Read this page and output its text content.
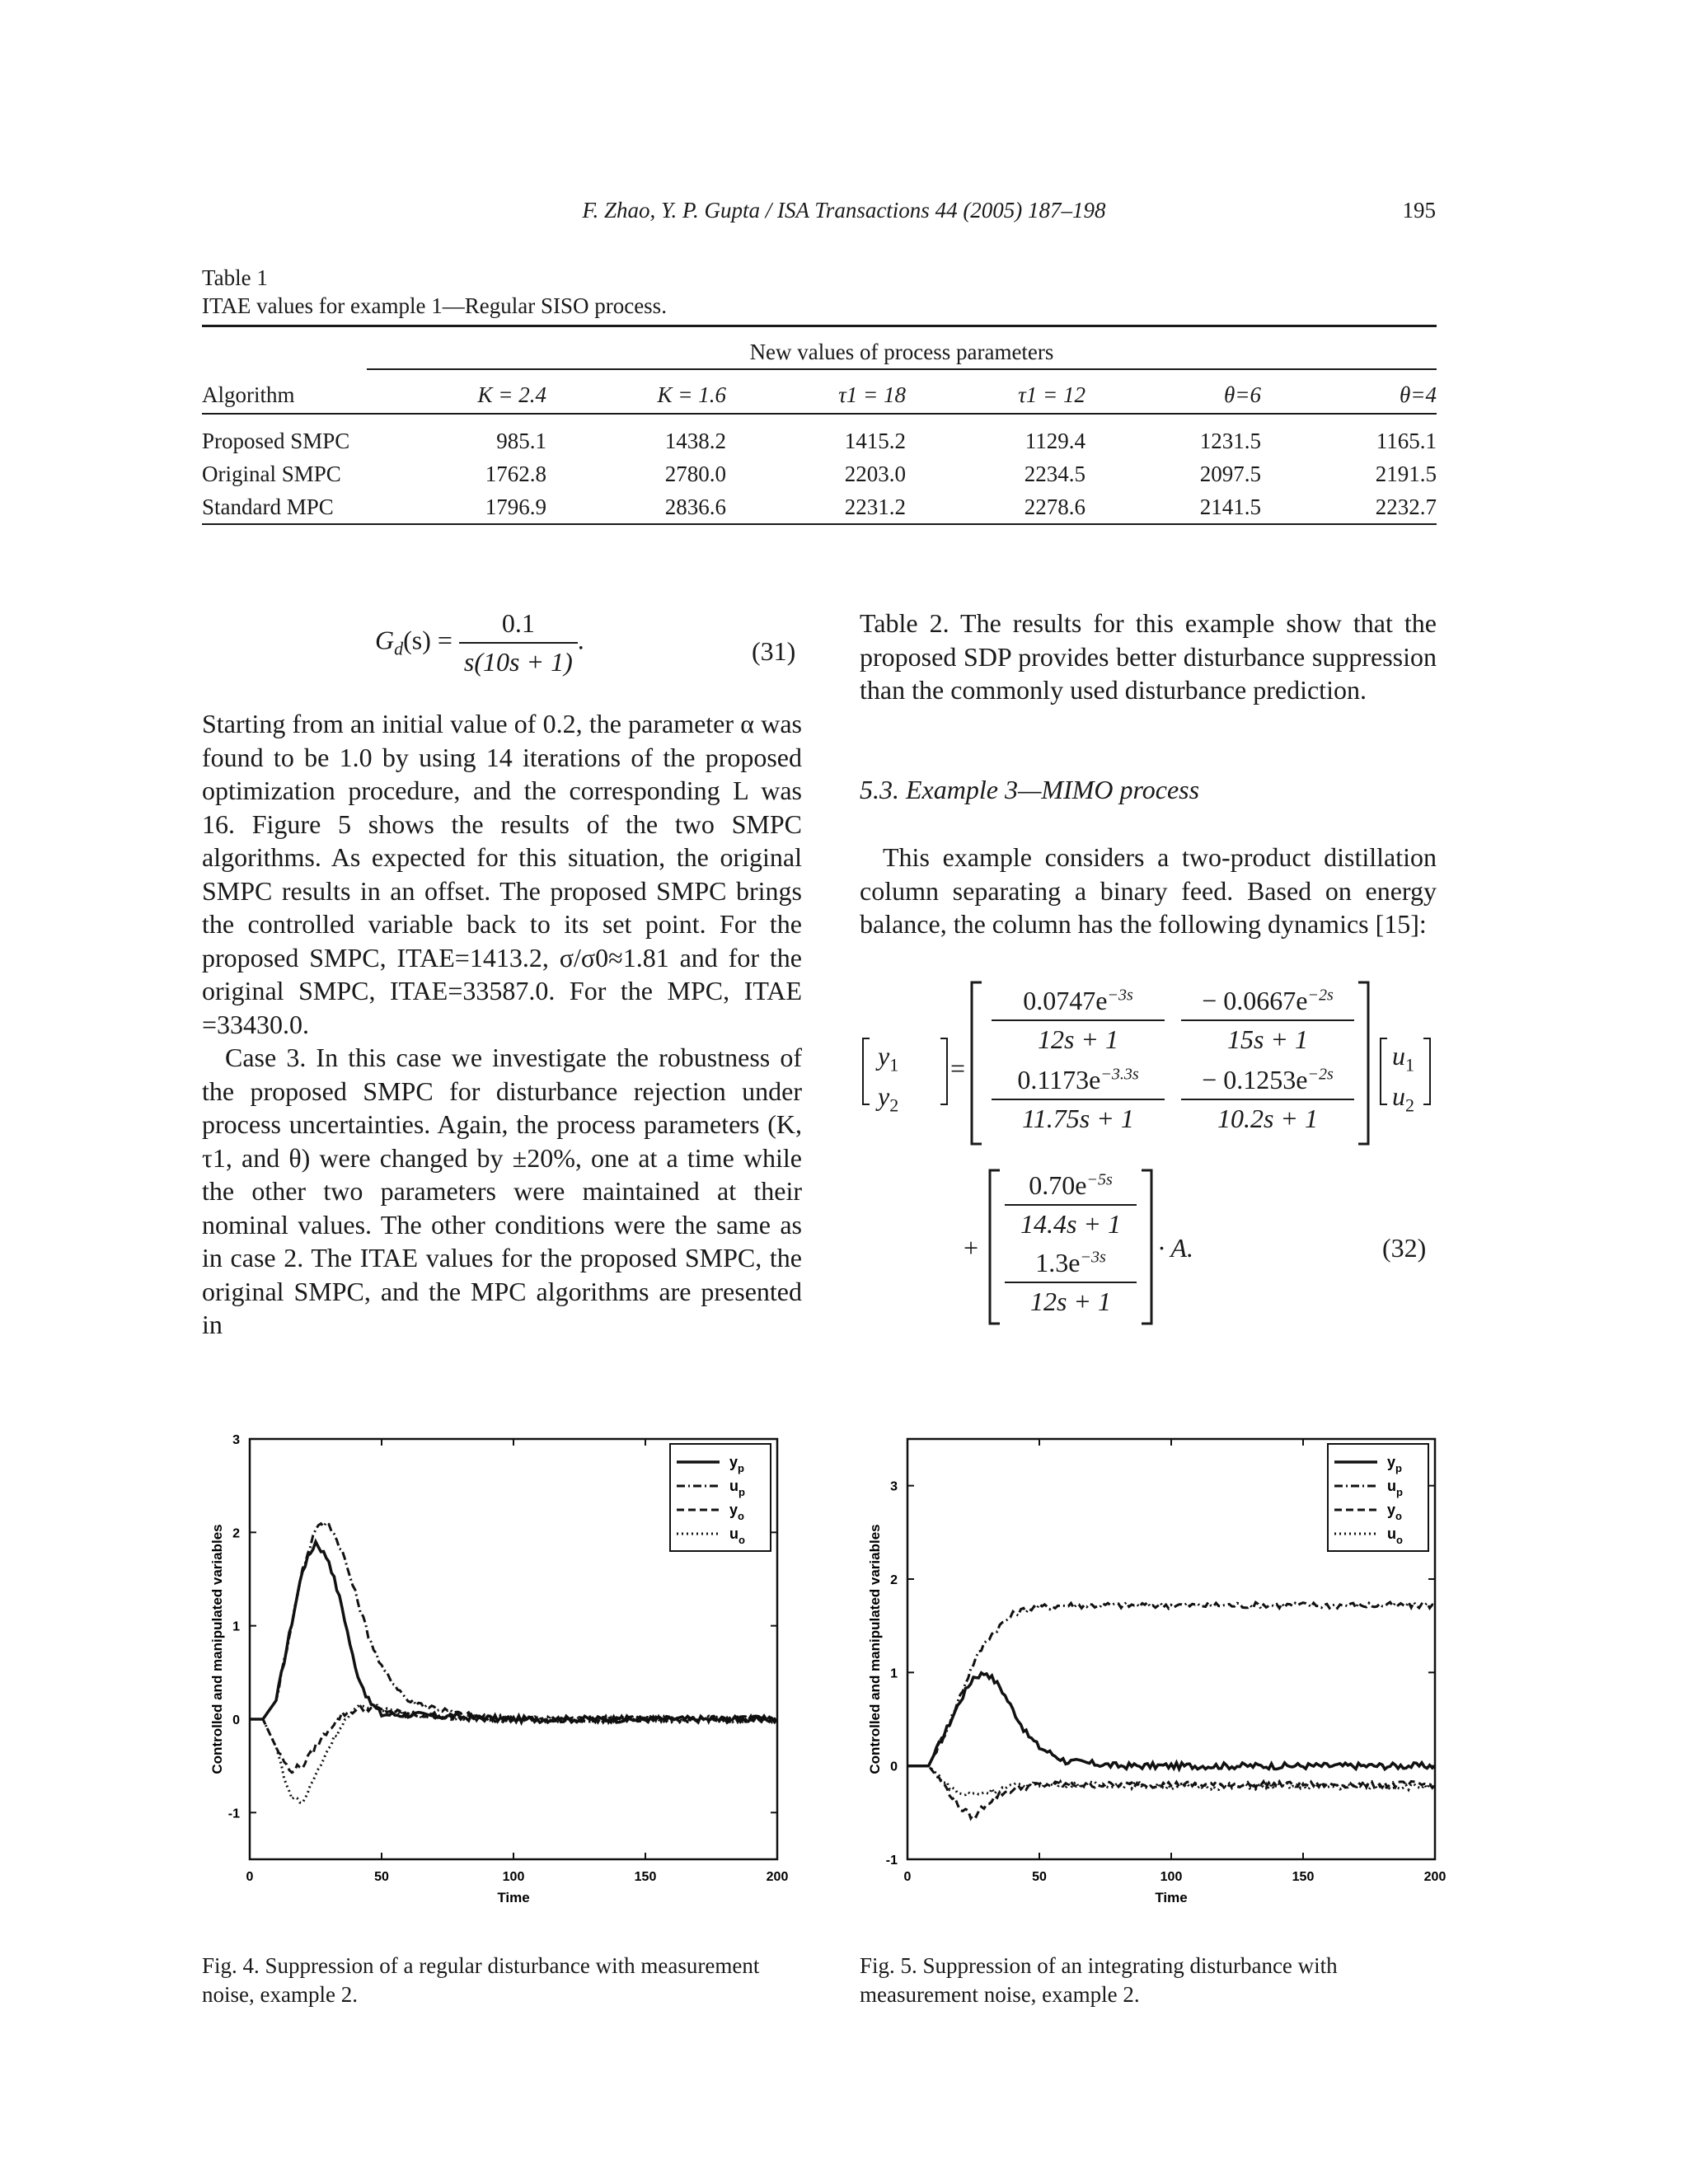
F. Zhao, Y. P. Gupta / ISA Transactions 44 (2005) 187–198	195
Table 1
ITAE values for example 1—Regular SISO process.
	New values of process parameters					

Algorithm	K = 2.4	K = 1.6	τ1 = 18	τ1 = 12	θ=6	θ=4
Proposed SMPC	985.1	1438.2	1415.2	1129.4	1231.5	1165.1
Original SMPC	1762.8	2780.0	2203.0	2234.5	2097.5	2191.5
Standard MPC	1796.9	2836.6	2231.2	2278.6	2141.5	2232.7
$G_d(s) = \frac{0.1}{s(10s + 1)}$ .	(31)

Starting from an initial value of 0.2, the parameter α was found to be 1.0 by using 14 iterations of the proposed optimization procedure, and the corresponding L was 16. Figure 5 shows the results of the two SMPC algorithms. As expected for this situation, the original SMPC results in an offset. The proposed SMPC brings the controlled variable back to its set point. For the proposed SMPC, ITAE=1413.2, σ/σ0≈1.81 and for the original SMPC, ITAE=33587.0. For the MPC, ITAE =33430.0.

Case 3. In this case we investigate the robustness of the proposed SMPC for disturbance rejection under process uncertainties. Again, the process parameters (K, τ1, and θ) were changed by ±20%, one at a time while the other two parameters were maintained at their nominal values. The other conditions were the same as in case 2. The ITAE values for the proposed SMPC, the original SMPC, and the MPC algorithms are presented in

Table 2. The results for this example show that the proposed SDP provides better disturbance suppression than the commonly used disturbance prediction.

5.3. Example 3—MIMO process

This example considers a two-product distillation column separating a binary feed. Based on energy balance, the column has the following dynamics [15]:

$y_1$
$y_2$
=
$\frac{0.0747e^{-3s}}{12s + 1} \frac{- 0.0667e^{-2s}}{15s + 1}$
$\frac{0.1173e^{-3.3s}}{11.75s + 1} \frac{- 0.1253e^{-2s}}{10.2s + 1}$
$u_1$
$u_2$
+
$\frac{0.70e^{-5s}}{14.4s + 1}$
$\frac{1.3e^{-3s}}{12s + 1} \cdot A$.	(32)
0	50	100	150	200
-1
0
1
2
3
Time
Controlled and manipulated variables
$y_p$
$u_p$
$y_o$
$u_o$
0	50	100	150	200
-1
0
1
2
3
Time
Controlled and manipulated variables
$y_p$
$u_p$
$y_o$
$u_o$
Fig. 4. Suppression of a regular disturbance with measurement noise, example 2.
Fig. 5. Suppression of an integrating disturbance with measurement noise, example 2.
